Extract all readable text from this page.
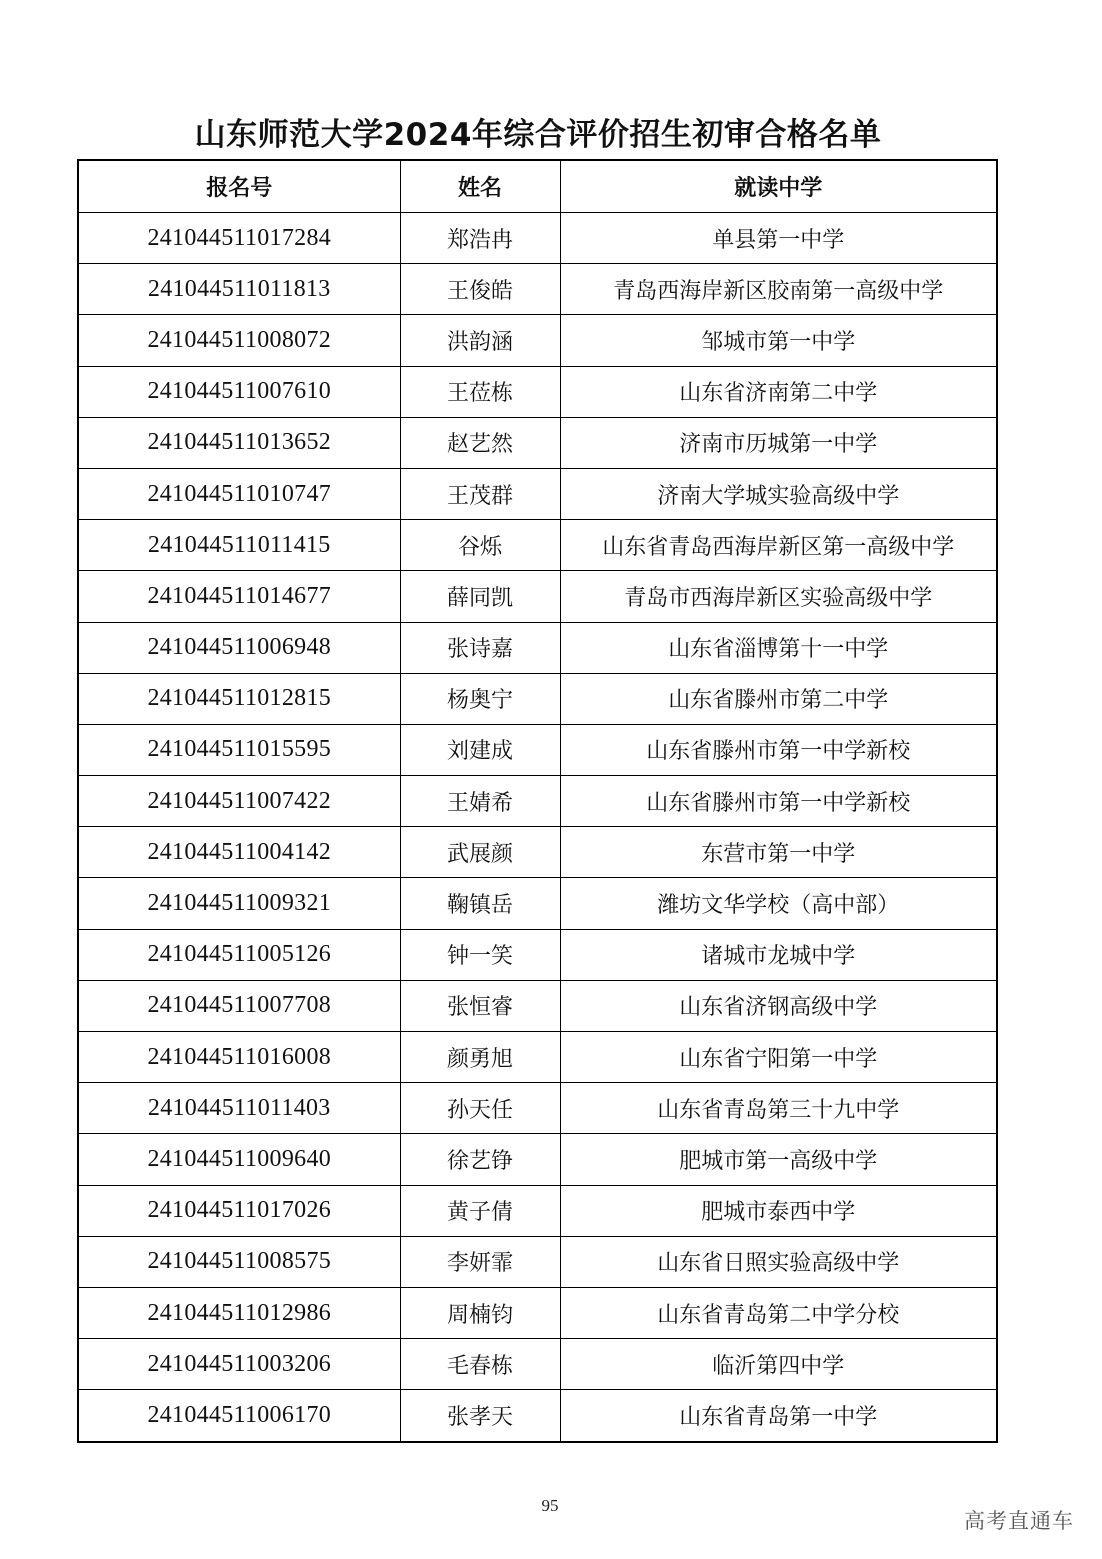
山东师范大学2024年综合评价招生初审合格名单
报名号	姓名	就读中学
241044511017284	郑浩冉	单县第一中学
241044511011813	王俊皓	青岛西海岸新区胶南第一高级中学
241044511008072	洪韵涵	邹城市第一中学
241044511007610	王莅栋	山东省济南第二中学
241044511013652	赵艺然	济南市历城第一中学
241044511010747	王茂群	济南大学城实验高级中学
241044511011415	谷烁	山东省青岛西海岸新区第一高级中学
241044511014677	薛同凯	青岛市西海岸新区实验高级中学
241044511006948	张诗嘉	山东省淄博第十一中学
241044511012815	杨奥宁	山东省滕州市第二中学
241044511015595	刘建成	山东省滕州市第一中学新校
241044511007422	王婧希	山东省滕州市第一中学新校
241044511004142	武展颜	东营市第一中学
241044511009321	鞠镇岳	潍坊文华学校（高中部）
241044511005126	钟一笑	诸城市龙城中学
241044511007708	张恒睿	山东省济钢高级中学
241044511016008	颜勇旭	山东省宁阳第一中学
241044511011403	孙天任	山东省青岛第三十九中学
241044511009640	徐艺铮	肥城市第一高级中学
241044511017026	黄子倩	肥城市泰西中学
241044511008575	李妍霏	山东省日照实验高级中学
241044511012986	周楠钧	山东省青岛第二中学分校
241044511003206	毛春栋	临沂第四中学
241044511006170	张孝天	山东省青岛第一中学
95
高考直通车
